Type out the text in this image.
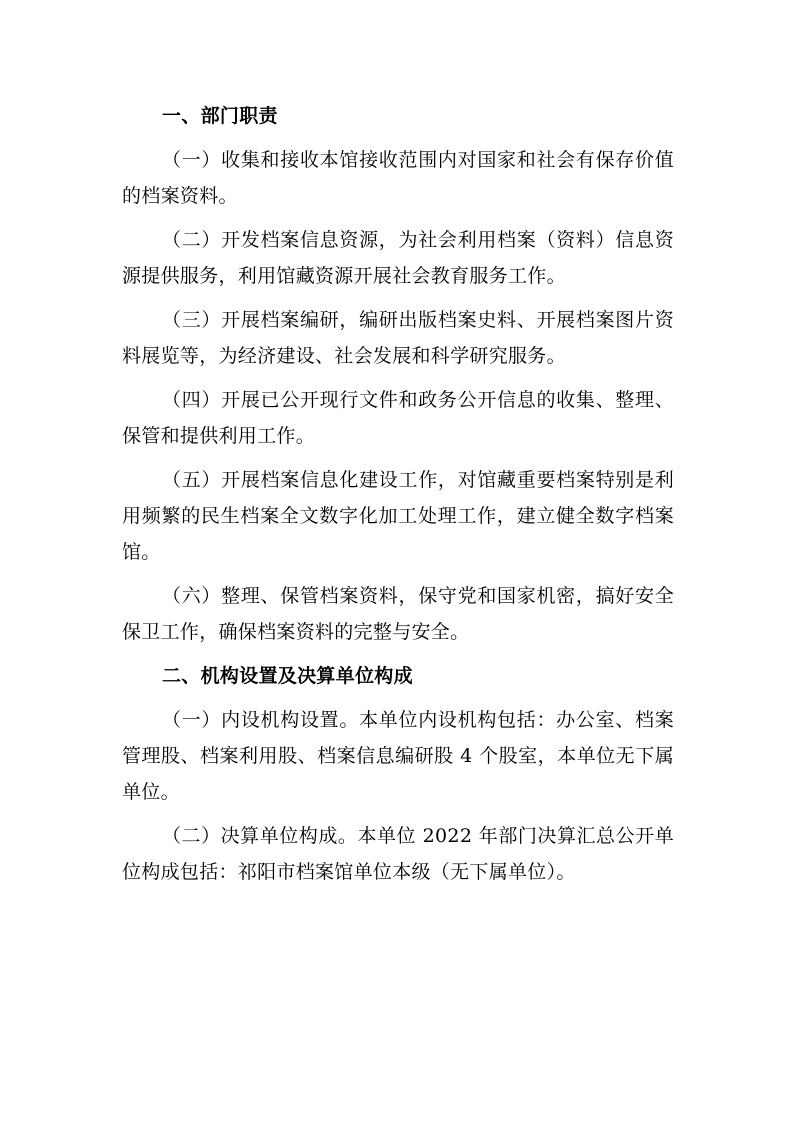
一、部门职责
（一）收集和接收本馆接收范围内对国家和社会有保存价值的档案资料。
（二）开发档案信息资源，为社会利用档案（资料）信息资源提供服务，利用馆藏资源开展社会教育服务工作。
（三）开展档案编研，编研出版档案史料、开展档案图片资料展览等，为经济建设、社会发展和科学研究服务。
（四）开展已公开现行文件和政务公开信息的收集、整理、保管和提供利用工作。
（五）开展档案信息化建设工作，对馆藏重要档案特别是利用频繁的民生档案全文数字化加工处理工作，建立健全数字档案馆。
（六）整理、保管档案资料，保守党和国家机密，搞好安全保卫工作，确保档案资料的完整与安全。
二、机构设置及决算单位构成
（一）内设机构设置。本单位内设机构包括：办公室、档案管理股、档案利用股、档案信息编研股 4 个股室，本单位无下属单位。
（二）决算单位构成。本单位 2022 年部门决算汇总公开单位构成包括：祁阳市档案馆单位本级（无下属单位）。
